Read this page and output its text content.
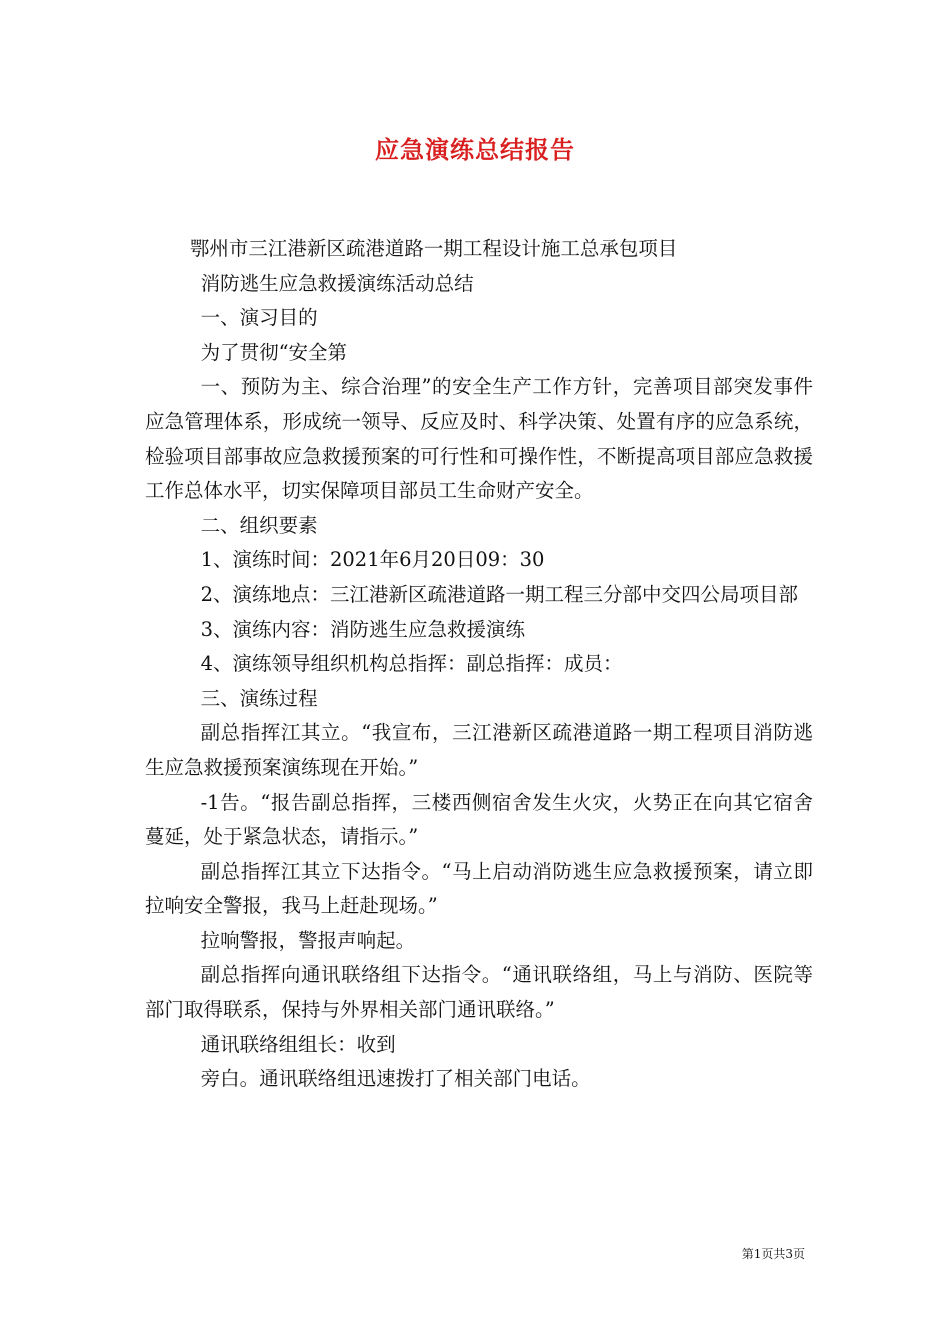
应急演练总结报告

鄂州市三江港新区疏港道路一期工程设计施工总承包项目

消防逃生应急救援演练活动总结

一、演习目的

为了贯彻“安全第

一、预防为主、综合治理”的安全生产工作方针，完善项目部突发事件应急管理体系，形成统一领导、反应及时、科学决策、处置有序的应急系统，检验项目部事故应急救援预案的可行性和可操作性，不断提高项目部应急救援工作总体水平，切实保障项目部员工生命财产安全。

二、组织要素

1、演练时间：2021年6月20日09：30

2、演练地点：三江港新区疏港道路一期工程三分部中交四公局项目部

3、演练内容：消防逃生应急救援演练

4、演练领导组织机构总指挥：副总指挥：成员：

三、演练过程

副总指挥江其立。“我宣布，三江港新区疏港道路一期工程项目消防逃生应急救援预案演练现在开始。”

-1告。“报告副总指挥，三楼西侧宿舍发生火灾，火势正在向其它宿舍蔓延，处于紧急状态，请指示。”

副总指挥江其立下达指令。“马上启动消防逃生应急救援预案，请立即拉响安全警报，我马上赶赴现场。”

拉响警报，警报声响起。

副总指挥向通讯联络组下达指令。“通讯联络组，马上与消防、医院等部门取得联系，保持与外界相关部门通讯联络。”

通讯联络组组长：收到

旁白。通讯联络组迅速拨打了相关部门电话。

第1页共3页
